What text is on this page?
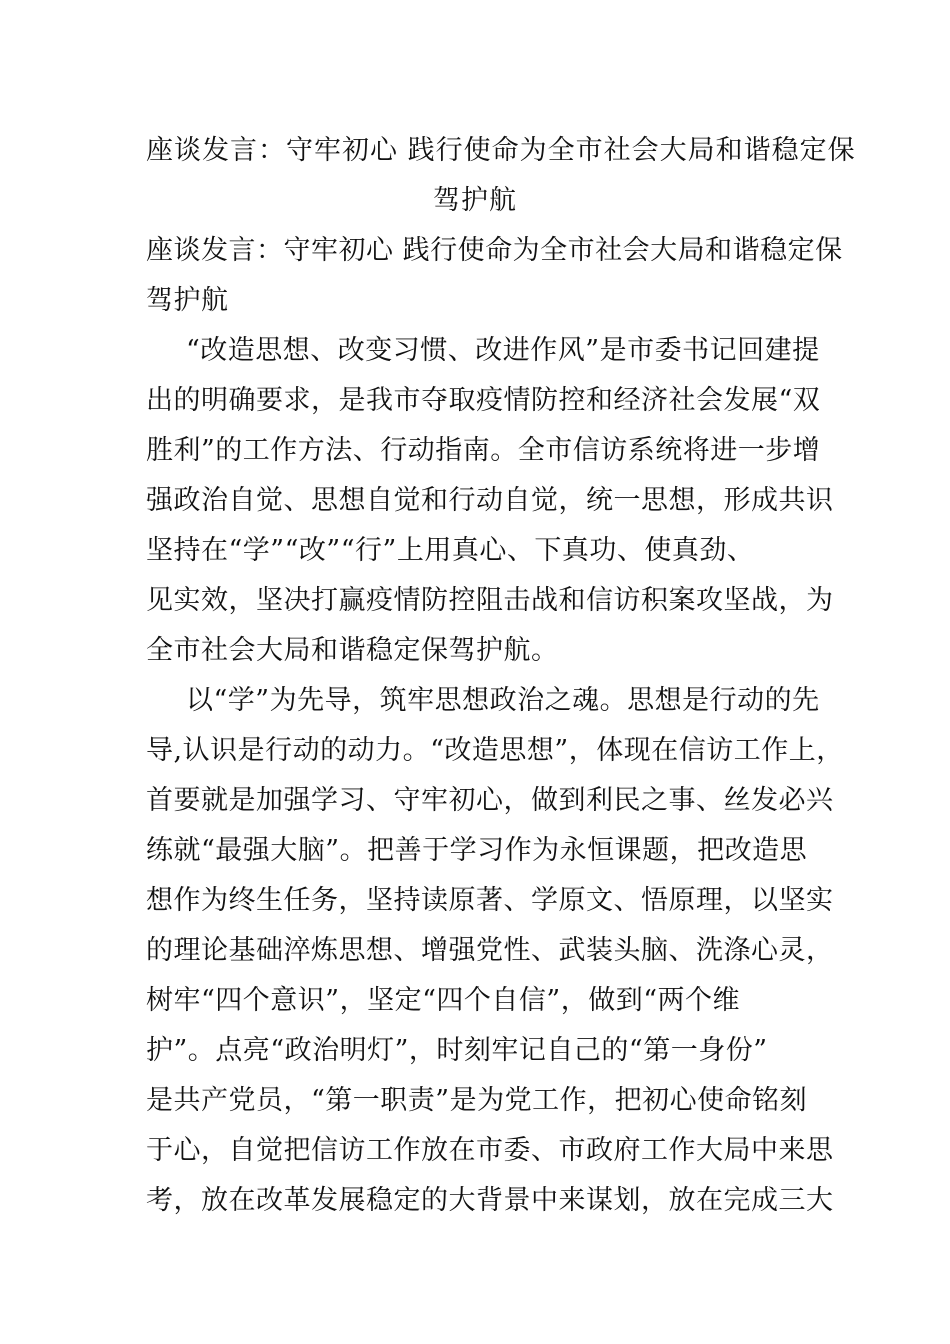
座谈发言：守牢初心 践行使命为全市社会大局和谐稳定保
驾护航
座谈发言：守牢初心 践行使命为全市社会大局和谐稳定保
驾护航
“改造思想、改变习惯、改进作风”是市委书记回建提
出的明确要求，是我市夺取疫情防控和经济社会发展“双
胜利”的工作方法、行动指南。全市信访系统将进一步增
强政治自觉、思想自觉和行动自觉，统一思想，形成共识
坚持在“学”“改”“行”上用真心、下真功、使真劲、
见实效，坚决打赢疫情防控阻击战和信访积案攻坚战，为
全市社会大局和谐稳定保驾护航。
以“学”为先导，筑牢思想政治之魂。思想是行动的先
导,认识是行动的动力。“改造思想”，体现在信访工作上，
首要就是加强学习、守牢初心，做到利民之事、丝发必兴
练就“最强大脑”。把善于学习作为永恒课题，把改造思
想作为终生任务，坚持读原著、学原文、悟原理，以坚实
的理论基础淬炼思想、增强党性、武装头脑、洗涤心灵，
树牢“四个意识”，坚定“四个自信”，做到“两个维
护”。点亮“政治明灯”，时刻牢记自己的“第一身份”
是共产党员，“第一职责”是为党工作，把初心使命铭刻
于心，自觉把信访工作放在市委、市政府工作大局中来思
考，放在改革发展稳定的大背景中来谋划，放在完成三大
